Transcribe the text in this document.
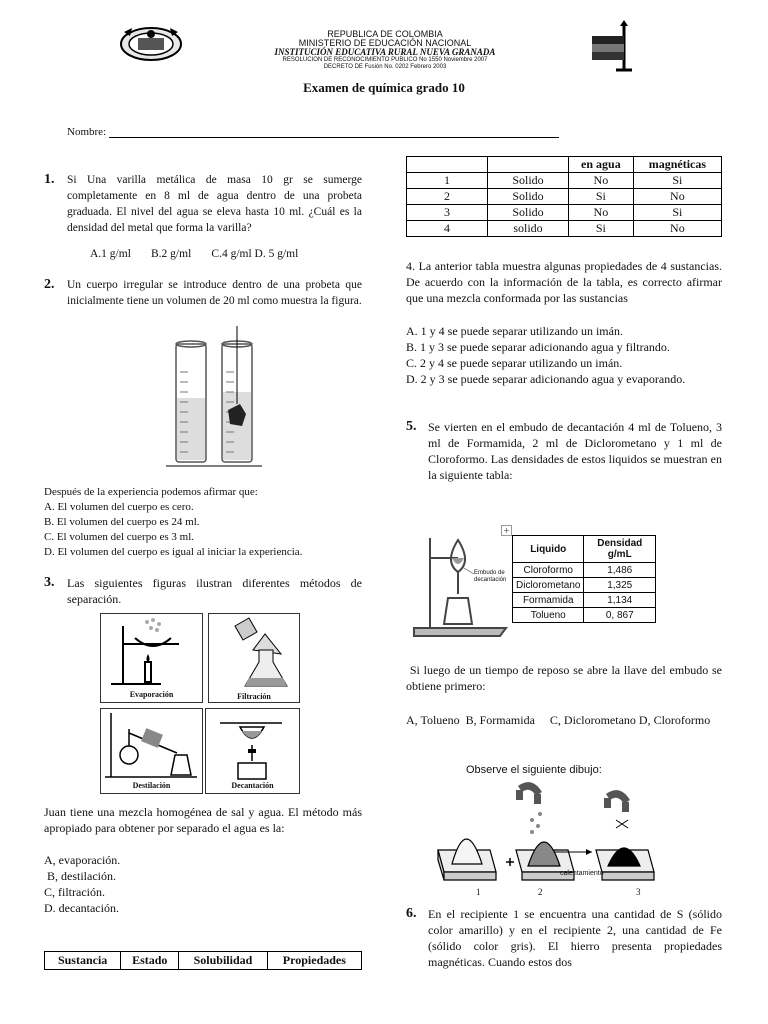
REPUBLICA DE COLOMBIA
MINISTERIO DE EDUCACIÓN NACIONAL
INSTITUCIÓN EDUCATIVA RURAL NUEVA GRANADA
RESOLUCION DE RECONOCIMIENTO PUBLICO No 1550 Noviembre 2007
DECRETO DE Fusión No. 0202 Febrero 2003
Examen de química grado 10
Nombre:
1. Si Una varilla metálica de masa 10 gr se sumerge completamente en 8 ml de agua dentro de una probeta graduada. El nivel del agua se eleva hasta 10 ml. ¿Cuál es la densidad del metal que forma la varilla?
A.1 g/ml       B.2 g/ml       C.4 g/ml D. 5 g/ml
2. Un cuerpo irregular se introduce dentro de una probeta que inicialmente tiene un volumen de 20 ml como muestra la figura.
Después de la experiencia podemos afirmar que:
A. El volumen del cuerpo es cero.
B. El volumen del cuerpo es 24 ml.
C. El volumen del cuerpo es 3 ml.
D. El volumen del cuerpo es igual al iniciar la experiencia.
3. Las siguientes figuras ilustran diferentes métodos de separación.
Evaporación	Filtración
Destilación	Decantación
Juan tiene una mezcla homogénea de sal y agua. El método más apropiado para obtener por separado el agua es la:
A, evaporación.
B, destilación.
C, filtración.
D. decantación.
Sustancia	Estado	Solubilidad	Propiedades
		en agua	magnéticas
1	Solido	No	Si
2	Solido	Si	No
3	Solido	No	Si
4	solido	Si	No
4. La anterior tabla muestra algunas propiedades de 4 sustancias. De acuerdo con la información de la tabla, es correcto afirmar que una mezcla conformada por las sustancias
A. 1 y 4 se puede separar utilizando un imán.
B. 1 y 3 se puede separar adicionando agua y filtrando.
C. 2 y 4 se puede separar utilizando un imán.
D. 2 y 3 se puede separar adicionando agua y evaporando.
5. Se vierten en el embudo de decantación 4 ml de Tolueno, 3 ml de Formamida, 2 ml de Diclorometano y 1 ml de Cloroformo. Las densidades de estos liquidos se muestran en la siguiente tabla:
+
Embudo de decantación
Liquido	Densidad g/mL
Cloroformo	1,486
Diclorometano	1,325
Formamida	1,134
Tolueno	0, 867
Si luego de un tiempo de reposo se abre la llave del embudo se obtiene primero:
A, Tolueno  B, Formamida     C, Diclorometano D, Cloroformo
Observe el siguiente dibujo:
1	2	3
calentamiento
6. En el recipiente 1 se encuentra una cantidad de S (sólido color amarillo) y en el recipiente 2, una cantidad de Fe (sólido color gris). El hierro presenta propiedades magnéticas. Cuando estos dos
